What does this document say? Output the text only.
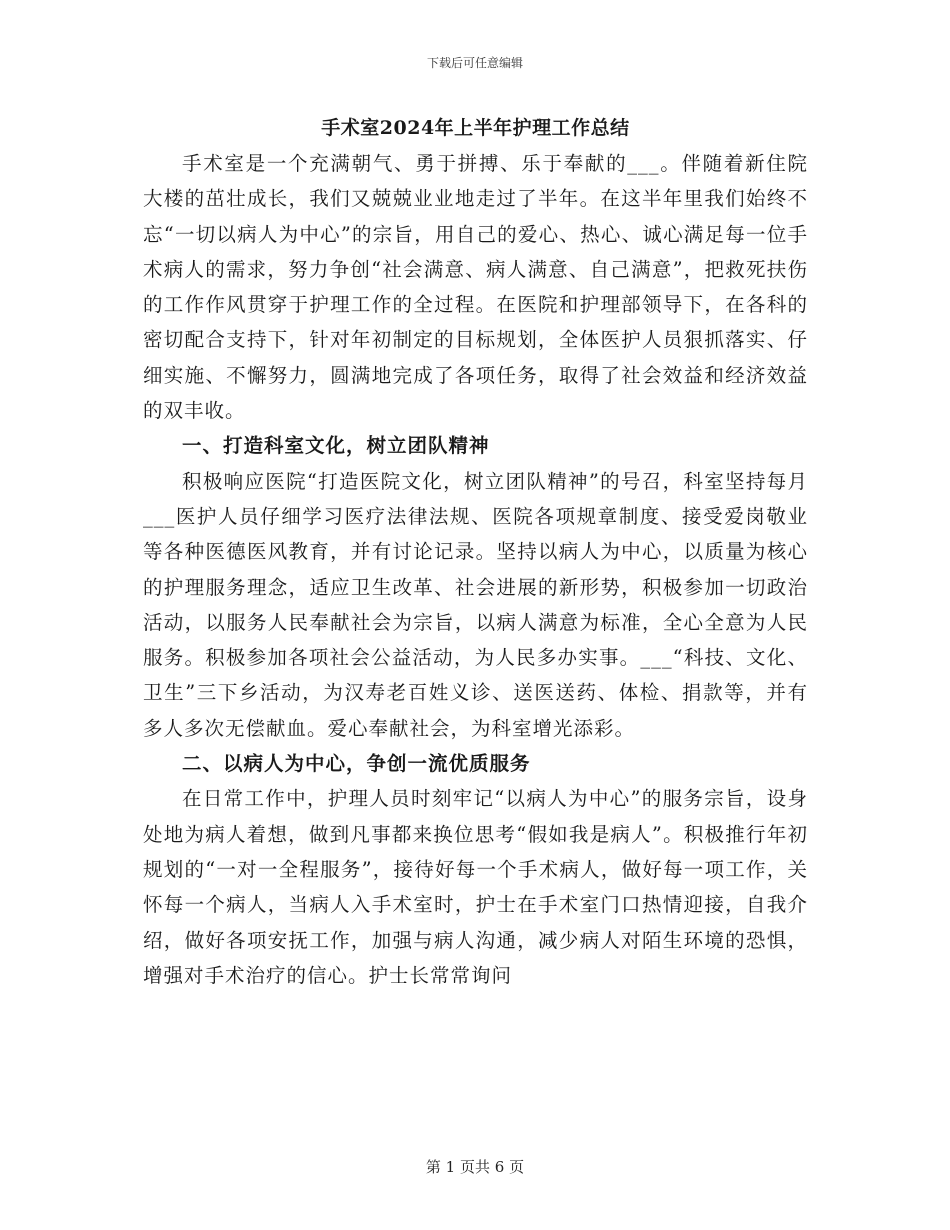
下载后可任意编辑
手术室2024年上半年护理工作总结

手术室是一个充满朝气、勇于拼搏、乐于奉献的___。伴随着新住院大楼的茁壮成长，我们又兢兢业业地走过了半年。在这半年里我们始终不忘“一切以病人为中心”的宗旨，用自己的爱心、热心、诚心满足每一位手术病人的需求，努力争创“社会满意、病人满意、自己满意”，把救死扶伤的工作作风贯穿于护理工作的全过程。在医院和护理部领导下，在各科的密切配合支持下，针对年初制定的目标规划，全体医护人员狠抓落实、仔细实施、不懈努力，圆满地完成了各项任务，取得了社会效益和经济效益的双丰收。

一、打造科室文化，树立团队精神

积极响应医院“打造医院文化，树立团队精神”的号召，科室坚持每月___医护人员仔细学习医疗法律法规、医院各项规章制度、接受爱岗敬业等各种医德医风教育，并有讨论记录。坚持以病人为中心，以质量为核心的护理服务理念，适应卫生改革、社会进展的新形势，积极参加一切政治活动，以服务人民奉献社会为宗旨，以病人满意为标准，全心全意为人民服务。积极参加各项社会公益活动，为人民多办实事。___“科技、文化、卫生”三下乡活动，为汉寿老百姓义诊、送医送药、体检、捐款等，并有多人多次无偿献血。爱心奉献社会，为科室增光添彩。

二、以病人为中心，争创一流优质服务

在日常工作中，护理人员时刻牢记“以病人为中心”的服务宗旨，设身处地为病人着想，做到凡事都来换位思考“假如我是病人”。积极推行年初规划的“一对一全程服务”，接待好每一个手术病人，做好每一项工作，关怀每一个病人，当病人入手术室时，护士在手术室门口热情迎接，自我介绍，做好各项安抚工作，加强与病人沟通，减少病人对陌生环境的恐惧，增强对手术治疗的信心。护士长常常询问

第 1 页共 6 页
